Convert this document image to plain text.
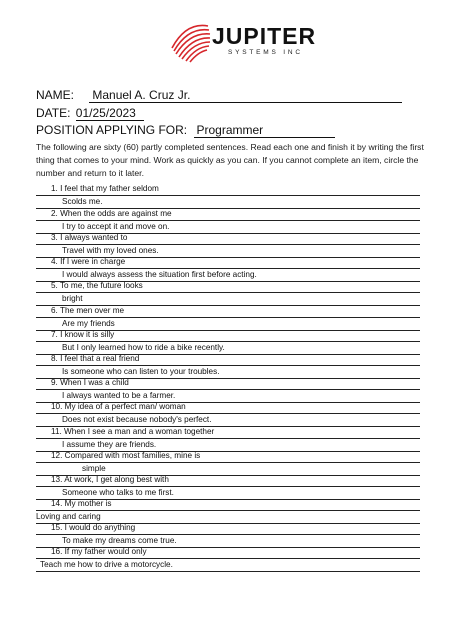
JUPITER
SYSTEMS INC
NAME: Manuel A. Cruz Jr.
DATE: 01/25/2023
POSITION APPLYING FOR: Programmer
The following are sixty (60) partly completed sentences. Read each one and finish it by writing the first thing that comes to your mind. Work as quickly as you can. If you cannot complete an item, circle the number and return to it later.
1. I feel that my father seldom
Scolds me.
2. When the odds are against me
I try to accept it and move on.
3. I always wanted to
Travel with my loved ones.
4. If I were in charge
I would always assess the situation first before acting.
5. To me, the future looks
bright
6. The men over me
Are my friends
7. I know it is silly
But I only learned how to ride a bike recently.
8. I feel that a real friend
Is someone who can listen to your troubles.
9. When I was a child
I always wanted to be a farmer.
10. My idea of a perfect man/ woman
Does not exist because nobody's perfect.
11. When I see a man and a woman together
I assume they are friends.
12. Compared with most families, mine is
simple
13. At work, I get along best with
Someone who talks to me first.
14. My mother is
Loving and caring
15. I would do anything
To make my dreams come true.
16. If my father would only
Teach me how to drive a motorcycle.
